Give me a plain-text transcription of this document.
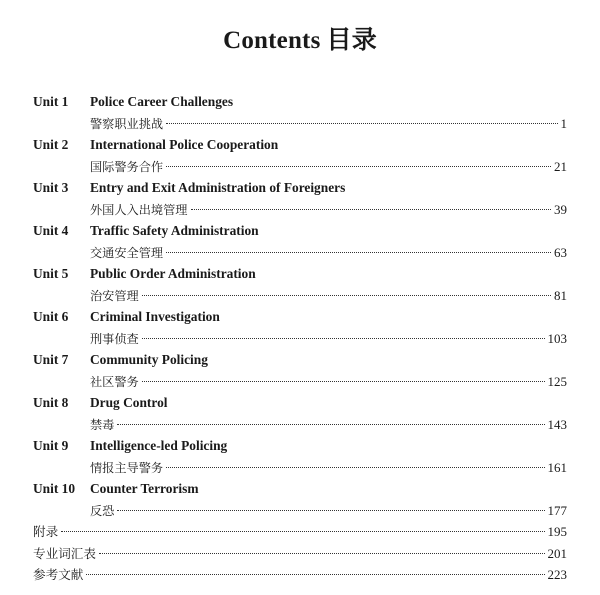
Contents 目录
Unit 1	Police Career Challenges
警察职业挑战	1
Unit 2	International Police Cooperation
国际警务合作	21
Unit 3	Entry and Exit Administration of Foreigners
外国人入出境管理	39
Unit 4	Traffic Safety Administration
交通安全管理	63
Unit 5	Public Order Administration
治安管理	81
Unit 6	Criminal Investigation
刑事侦查	103
Unit 7	Community Policing
社区警务	125
Unit 8	Drug Control
禁毒	143
Unit 9	Intelligence-led Policing
情报主导警务	161
Unit 10	Counter Terrorism
反恐	177
附录	195
专业词汇表	201
参考文献	223
